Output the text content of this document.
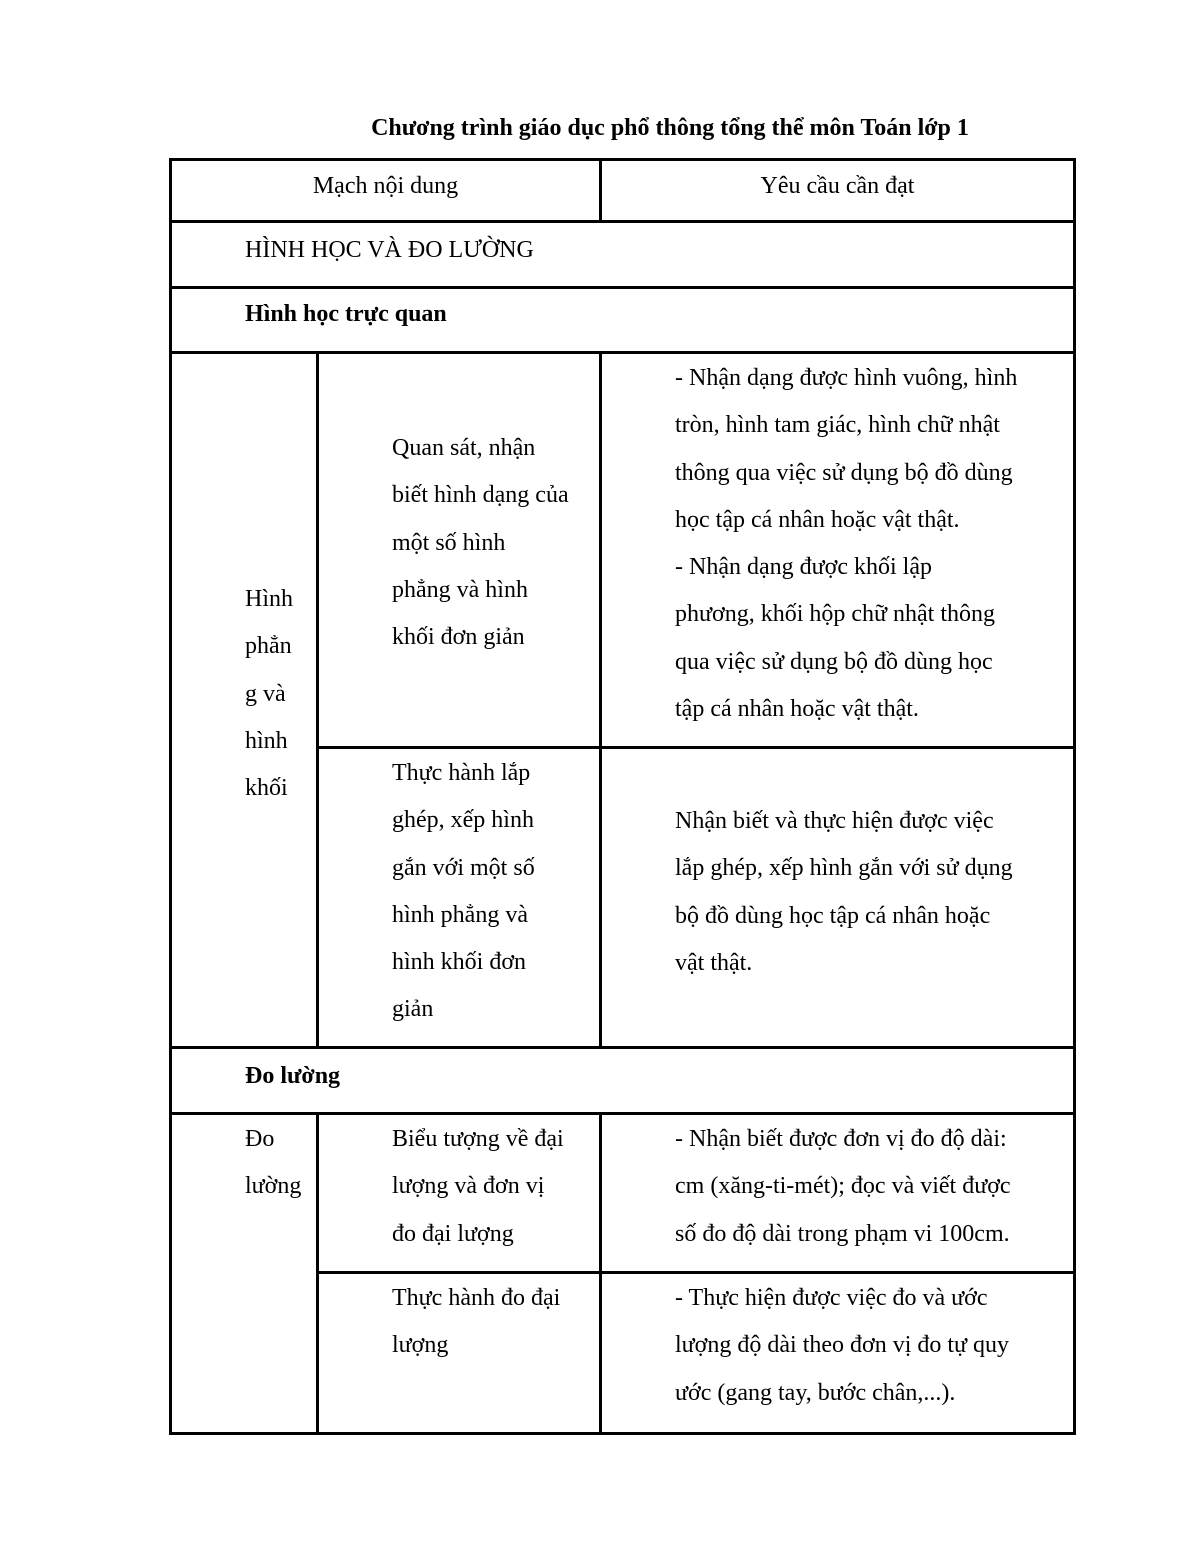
Chương trình giáo dục phổ thông tổng thể môn Toán lớp 1
Mạch nội dung	Yêu cầu cần đạt
HÌNH HỌC VÀ ĐO LƯỜNG
Hình học trực quan
Hình
phẳn
g và
hình
khối
Quan sát, nhận
biết hình dạng của
một số hình
phẳng và hình
khối đơn giản
- Nhận dạng được hình vuông, hình
tròn, hình tam giác, hình chữ nhật
thông qua việc sử dụng bộ đồ dùng
học tập cá nhân hoặc vật thật.
- Nhận dạng được khối lập
phương, khối hộp chữ nhật thông
qua việc sử dụng bộ đồ dùng học
tập cá nhân hoặc vật thật.
Thực hành lắp
ghép, xếp hình
gắn với một số
hình phẳng và
hình khối đơn
giản
Nhận biết và thực hiện được việc
lắp ghép, xếp hình gắn với sử dụng
bộ đồ dùng học tập cá nhân hoặc
vật thật.
Đo lường
Đo
lường
Biểu tượng về đại
lượng và đơn vị
đo đại lượng
- Nhận biết được đơn vị đo độ dài:
cm (xăng-ti-mét); đọc và viết được
số đo độ dài trong phạm vi 100cm.
Thực hành đo đại
lượng
- Thực hiện được việc đo và ước
lượng độ dài theo đơn vị đo tự quy
ước (gang tay, bước chân,...).
